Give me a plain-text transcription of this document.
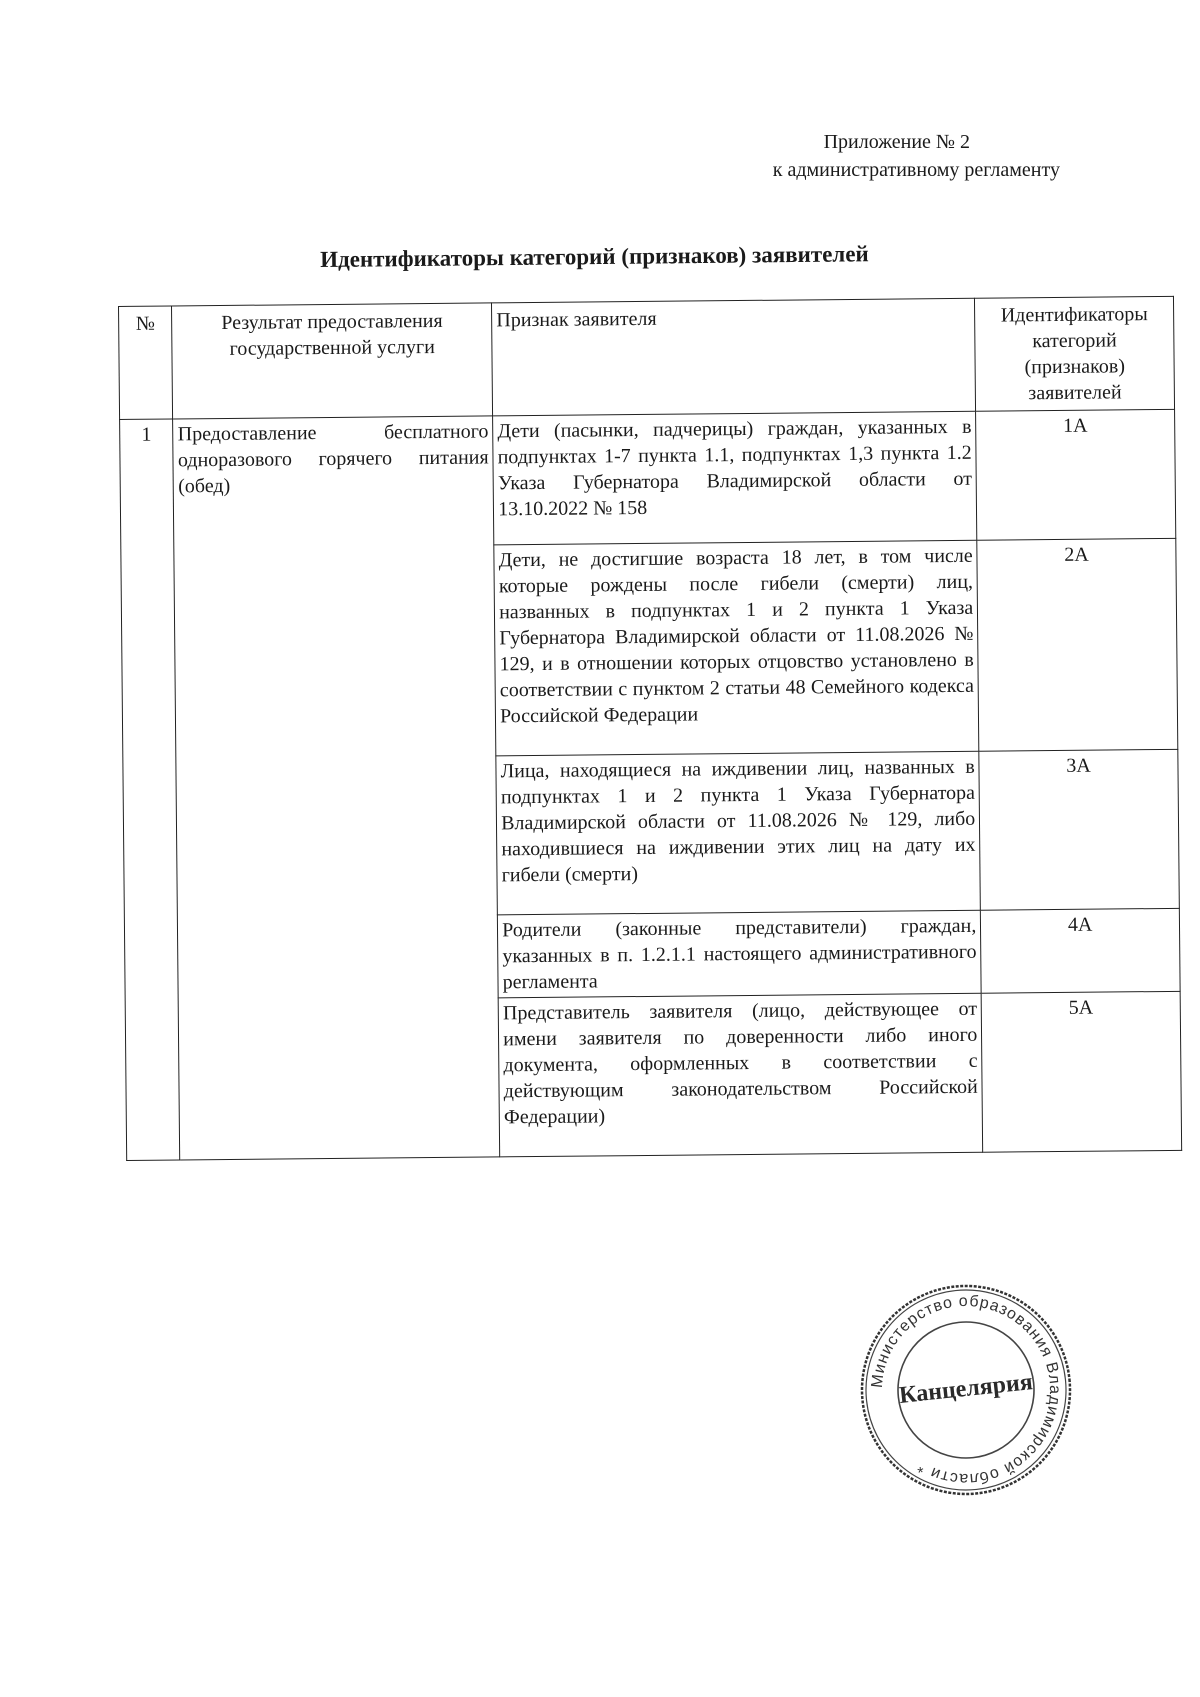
Приложение № 2
к административному регламенту
Идентификаторы категорий (признаков) заявителей
№	Результат предоставления государственной услуги	Признак заявителя	Идентификаторы категорий (признаков) заявителей
1	Предоставление бесплатного одноразового горячего питания (обед)	Дети (пасынки, падчерицы) граждан, указанных в подпунктах 1-7 пункта 1.1, подпунктах 1,3 пункта 1.2 Указа Губернатора Владимирской области от 13.10.2022 № 158	1А
		Дети, не достигшие возраста 18 лет, в том числе которые рождены после гибели (смерти) лиц, названных в подпунктах 1 и 2 пункта 1 Указа Губернатора Владимирской области от 11.08.2026 № 129, и в отношении которых отцовство установлено в соответствии с пунктом 2 статьи 48 Семейного кодекса Российской Федерации	2А
		Лица, находящиеся на иждивении лиц, названных в подпунктах 1 и 2 пункта 1 Указа Губернатора Владимирской области от 11.08.2026 № 129, либо находившиеся на иждивении этих лиц на дату их гибели (смерти)	3А
		Родители (законные представители) граждан, указанных в п. 1.2.1.1 настоящего административного регламента	4А
		Представитель заявителя (лицо, действующее от имени заявителя по доверенности либо иного документа, оформленных в соответствии с действующим законодательством Российской Федерации)	5А
Министерство образования Владимирской области *
Канцелярия
